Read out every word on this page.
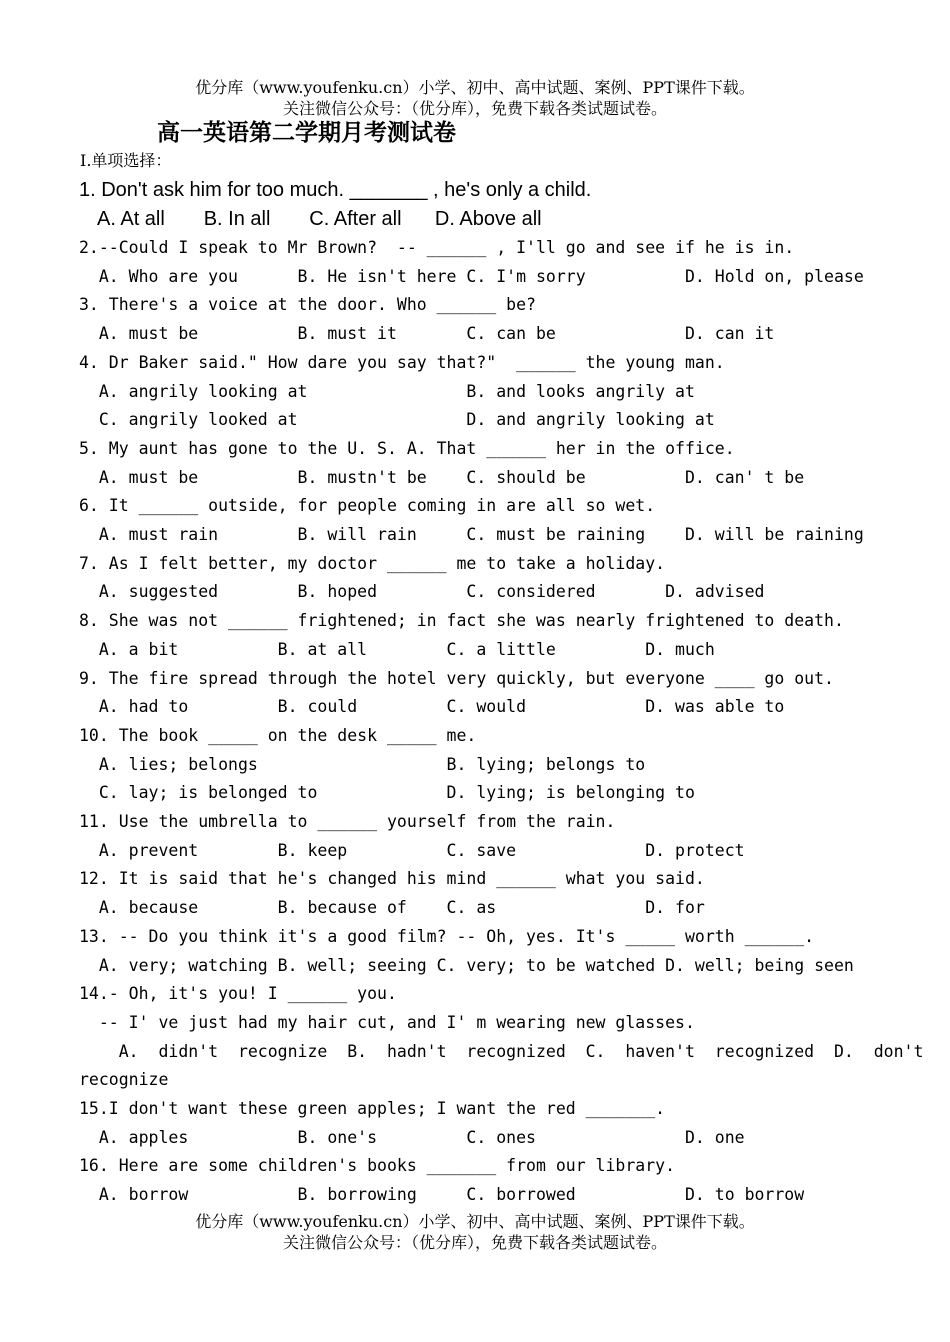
优分库（www.youfenku.cn）小学、初中、高中试题、案例、PPT课件下载。
关注微信公众号：（优分库），免费下载各类试题试卷。
高一英语第二学期月考测试卷
I.单项选择：
1. Don't ask him for too much. _______ , he's only a child.
A. At all       B. In all       C. After all      D. Above all
2.--Could I speak to Mr Brown?  -- ______ , I'll go and see if he is in.
A. Who are you      B. He isn't here C. I'm sorry          D. Hold on, please
3. There's a voice at the door. Who ______ be?
A. must be          B. must it       C. can be             D. can it
4. Dr Baker said." How dare you say that?"  ______ the young man.
A. angrily looking at                B. and looks angrily at
C. angrily looked at                 D. and angrily looking at
5. My aunt has gone to the U. S. A. That ______ her in the office.
A. must be          B. mustn't be    C. should be          D. can' t be
6. It ______ outside, for people coming in are all so wet.
A. must rain        B. will rain     C. must be raining    D. will be raining
7. As I felt better, my doctor ______ me to take a holiday.
A. suggested        B. hoped         C. considered       D. advised
8. She was not ______ frightened; in fact she was nearly frightened to death.
A. a bit          B. at all        C. a little         D. much
9. The fire spread through the hotel very quickly, but everyone ____ go out.
A. had to         B. could         C. would            D. was able to
10. The book _____ on the desk _____ me.
A. lies; belongs                   B. lying; belongs to
C. lay; is belonged to             D. lying; is belonging to
11. Use the umbrella to ______ yourself from the rain.
A. prevent        B. keep          C. save             D. protect
12. It is said that he's changed his mind ______ what you said.
A. because        B. because of    C. as               D. for
13. -- Do you think it's a good film? -- Oh, yes. It's _____ worth ______.
A. very; watching B. well; seeing C. very; to be watched D. well; being seen
14.- Oh, it's you! I ______ you.
-- I' ve just had my hair cut, and I' m wearing new glasses.
A.  didn't  recognize  B.  hadn't  recognized  C.  haven't  recognized  D.  don't
recognize
15.I don't want these green apples; I want the red _______.
A. apples           B. one's         C. ones               D. one
16. Here are some children's books _______ from our library.
A. borrow           B. borrowing     C. borrowed           D. to borrow
优分库（www.youfenku.cn）小学、初中、高中试题、案例、PPT课件下载。
关注微信公众号：（优分库），免费下载各类试题试卷。
